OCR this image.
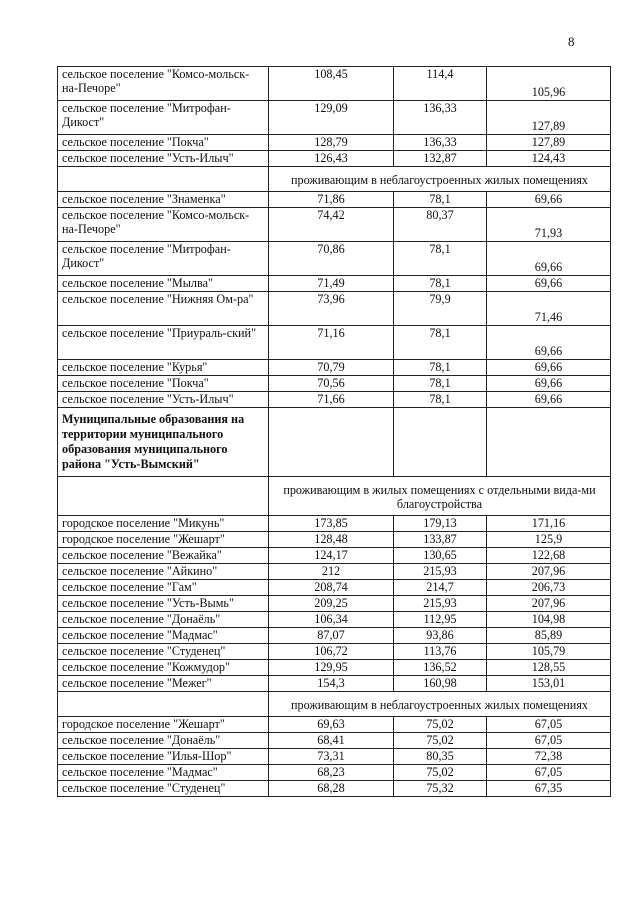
8
сельское поселение "Комсо-мольск-на-Печоре"	108,45	114,4	105,96
сельское поселение "Митрофан-Дикост"	129,09	136,33	127,89
сельское поселение "Покча"	128,79	136,33	127,89
сельское поселение "Усть-Илыч"	126,43	132,87	124,43
	проживающим в неблагоустроенных жилых помещениях		
сельское поселение "Знаменка"	71,86	78,1	69,66
сельское поселение "Комсо-мольск-на-Печоре"	74,42	80,37	71,93
сельское поселение "Митрофан-Дикост"	70,86	78,1	69,66
сельское поселение "Мылва"	71,49	78,1	69,66
сельское поселение "Нижняя Ом-ра"	73,96	79,9	71,46
сельское поселение "Приураль-ский"	71,16	78,1	69,66
сельское поселение "Курья"	70,79	78,1	69,66
сельское поселение "Покча"	70,56	78,1	69,66
сельское поселение "Усть-Илыч"	71,66	78,1	69,66
Муниципальные образования на территории муниципального образования муниципального района "Усть-Вымский"			
	проживающим в жилых помещениях с отдельными вида-ми благоустройства		
городское поселение "Микунь"	173,85	179,13	171,16
городское поселение "Жешарт"	128,48	133,87	125,9
сельское поселение "Вежайка"	124,17	130,65	122,68
сельское поселение "Айкино"	212	215,93	207,96
сельское поселение "Гам"	208,74	214,7	206,73
сельское поселение "Усть-Вымь"	209,25	215,93	207,96
сельское поселение "Донаёль"	106,34	112,95	104,98
сельское поселение "Мадмас"	87,07	93,86	85,89
сельское поселение "Студенец"	106,72	113,76	105,79
сельское поселение "Кожмудор"	129,95	136,52	128,55
сельское поселение "Межег"	154,3	160,98	153,01
	проживающим в неблагоустроенных жилых помещениях		
городское поселение "Жешарт"	69,63	75,02	67,05
сельское поселение "Донаёль"	68,41	75,02	67,05
сельское поселение "Илья-Шор"	73,31	80,35	72,38
сельское поселение "Мадмас"	68,23	75,02	67,05
сельское поселение "Студенец"	68,28	75,32	67,35
